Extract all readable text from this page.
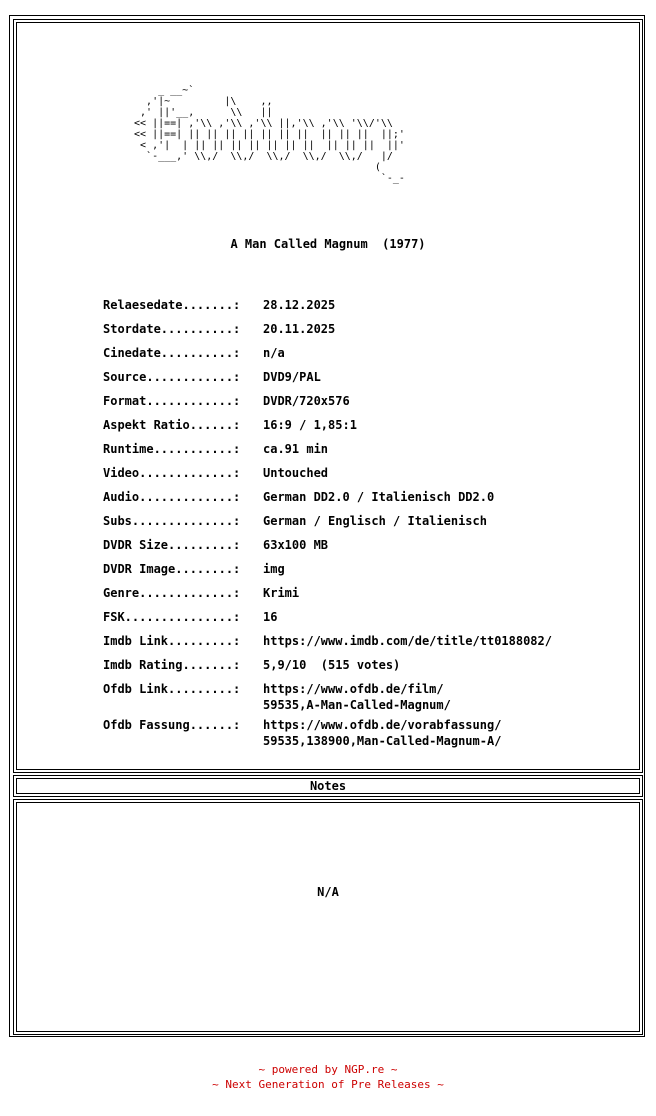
_ __~`
,'|~         |\    ,,
,' ||'__,      \\   ||
<< ||==| ,'\\ ,'\\ ,'\\ ||,'\\ ,'\\ '\\/'\\
<< ||==| || || || || || || ||  || || ||  ||;'
< ,'|  | || || || || || || ||  || || ||  ||'
`-___,' \\,/  \\,/  \\,/  \\,/  \\,/   |/
(
`-_-
A Man Called Magnum  (1977)
Relaesedate.......:	28.12.2025
Stordate..........:	20.11.2025
Cinedate..........:	n/a
Source............:	DVD9/PAL
Format............:	DVDR/720x576
Aspekt Ratio......:	16:9 / 1,85:1
Runtime...........:	ca.91 min
Video.............:	Untouched
Audio.............:	German DD2.0 / Italienisch DD2.0
Subs..............:	German / Englisch / Italienisch
DVDR Size.........:	63x100 MB
DVDR Image........:	img
Genre.............:	Krimi
FSK...............:	16
Imdb Link.........:	https://www.imdb.com/de/title/tt0188082/
Imdb Rating.......:	5,9/10  (515 votes)
Ofdb Link.........:	https://www.ofdb.de/film/
59535,A-Man-Called-Magnum/
Ofdb Fassung......:	https://www.ofdb.de/vorabfassung/
59535,138900,Man-Called-Magnum-A/
Notes
N/A
~ powered by NGP.re ~
~ Next Generation of Pre Releases ~
